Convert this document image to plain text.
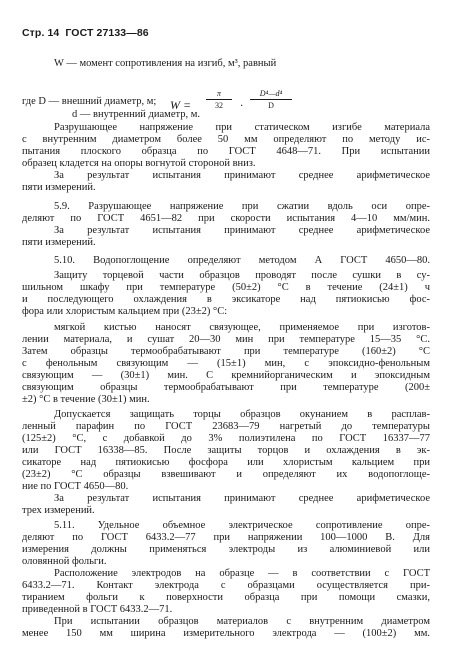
Стр. 14 ГОСТ 27133—86
W — момент сопротивления на изгиб, м³, равный
$W = \frac{\pi}{32} \cdot \frac{\text{D⁴—d⁴}}{D}$
где D — внешний диаметр, м;
d — внутренний диаметр, м.
Разрушающее напряжение при статическом изгибе материала
с внутренним диаметром более 50 мм определяют по методу ис-
пытания плоского образца по ГОСТ 4648—71. При испытании
образец кладется на опоры вогнутой стороной вниз.
За результат испытания принимают среднее арифметическое
пяти измерений.
5.9. Разрушающее напряжение при сжатии вдоль оси опре-
деляют по ГОСТ 4651—82 при скорости испытания 4—10 мм/мин.
За результат испытания принимают среднее арифметическое
пяти измерений.
5.10. Водопоглощение определяют методом А ГОСТ 4650—80.
Защиту торцевой части образцов проводят после сушки в су-
шильном шкафу при температуре (50±2) °С в течение (24±1) ч
и последующего охлаждения в эксикаторе над пятиокисью фос-
фора или хлористым кальцием при (23±2) °С:
мягкой кистью наносят связующее, применяемое при изготов-
лении материала, и сушат 20—30 мин при температуре 15—35 °С.
Затем образцы термообрабатывают при температуре (160±2) °С
с фенольным связующим — (15±1) мин, с эпоксидно-фенольным
связующим — (30±1) мин. С кремнийорганическим и эпоксидным
связующим образцы термообрабатывают при температуре (200±
±2) °С в течение (30±1) мин.
Допускается защищать торцы образцов окунанием в расплав-
ленный парафин по ГОСТ 23683—79 нагретый до температуры
(125±2) °С, с добавкой до 3% полиэтилена по ГОСТ 16337—77
или ГОСТ 16338—85. После защиты торцов и охлаждения в эк-
сикаторе над пятиокисью фосфора или хлористым кальцием при
(23±2) °С образцы взвешивают и определяют их водопоглоще-
ние по ГОСТ 4650—80.
За результат испытания принимают среднее арифметическое
трех измерений.
5.11. Удельное объемное электрическое сопротивление опре-
деляют по ГОСТ 6433.2—77 при напряжении 100—1000 В. Для
измерения должны применяться электроды из алюминиевой или
оловянной фольги.
Расположение электродов на образце — в соответствии с ГОСТ
6433.2—71. Контакт электрода с образцами осуществляется при-
тиранием фольги к поверхности образца при помощи смазки,
приведенной в ГОСТ 6433.2—71.
При испытании образцов материалов с внутренним диаметром
менее 150 мм ширина измерительного электрода — (100±2) мм.
